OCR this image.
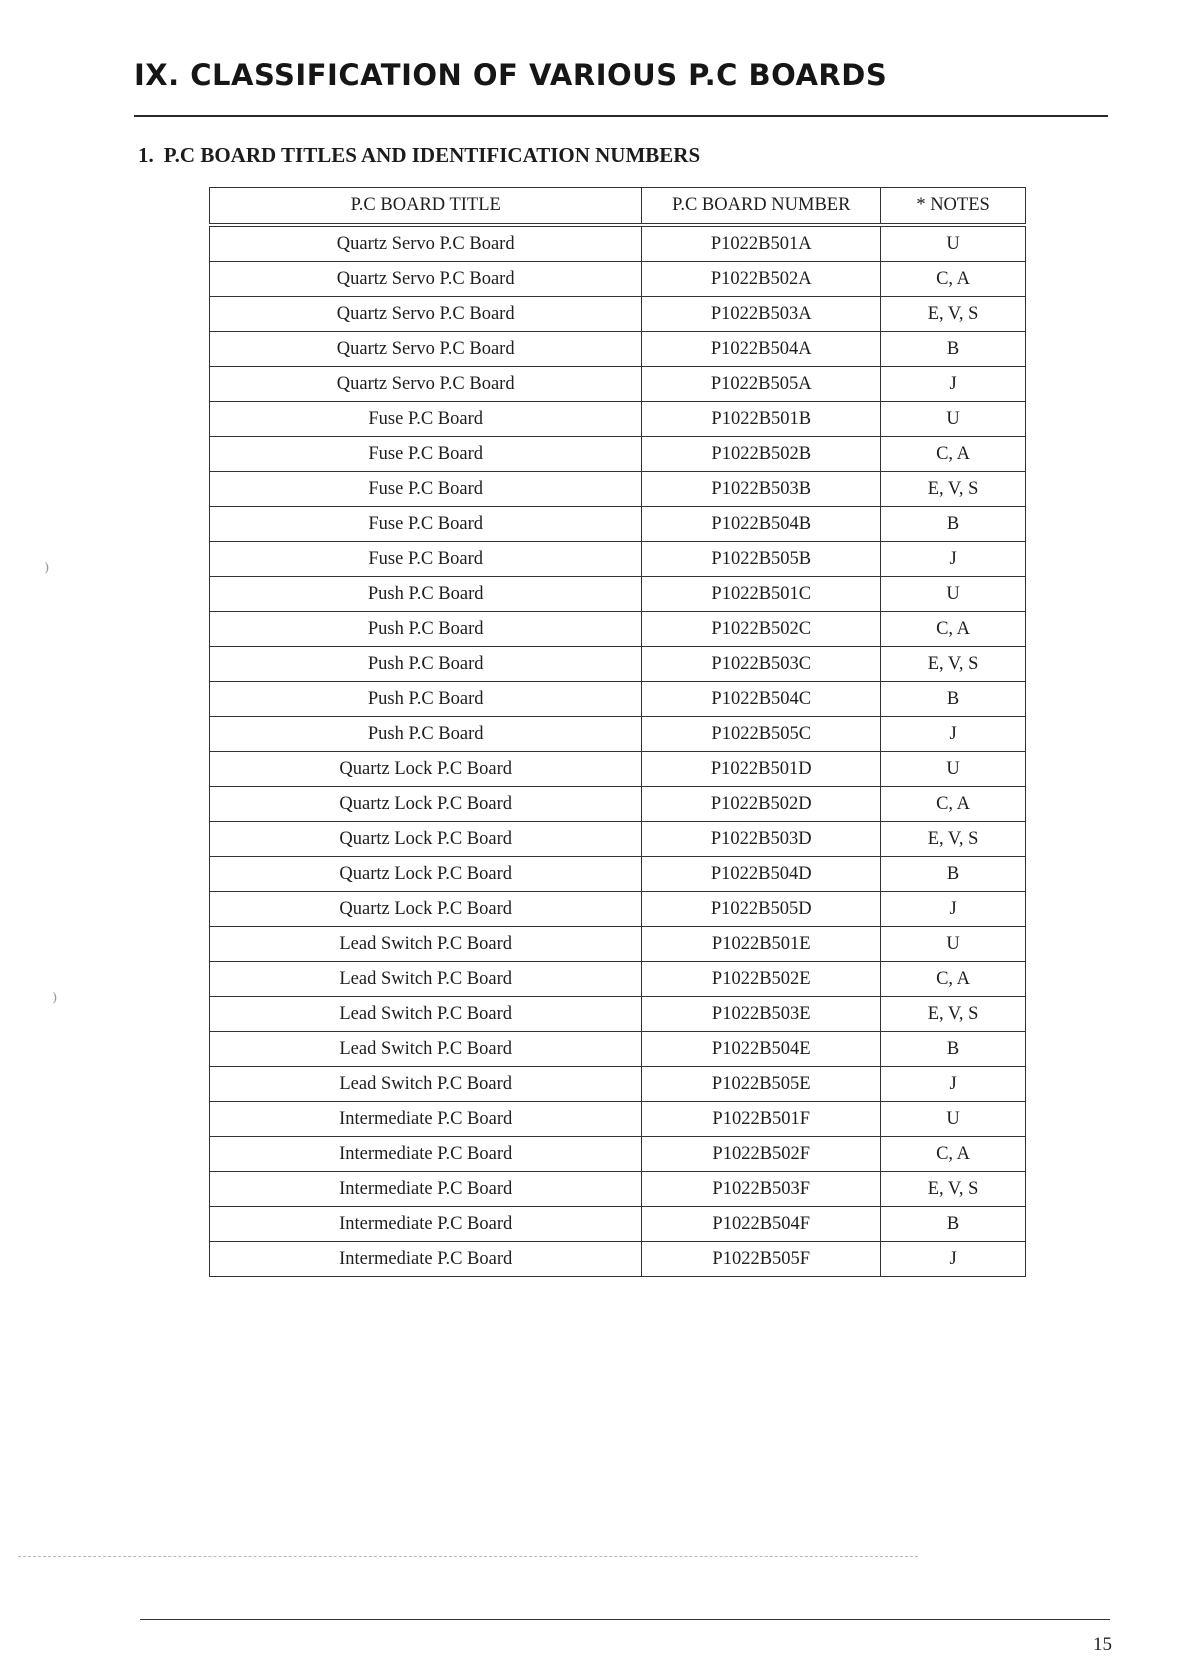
IX. CLASSIFICATION OF VARIOUS P.C BOARDS
1. P.C BOARD TITLES AND IDENTIFICATION NUMBERS
P.C BOARD TITLE	P.C BOARD NUMBER	* NOTES
Quartz Servo P.C Board	P1022B501A	U
Quartz Servo P.C Board	P1022B502A	C, A
Quartz Servo P.C Board	P1022B503A	E, V, S
Quartz Servo P.C Board	P1022B504A	B
Quartz Servo P.C Board	P1022B505A	J
Fuse P.C Board	P1022B501B	U
Fuse P.C Board	P1022B502B	C, A
Fuse P.C Board	P1022B503B	E, V, S
Fuse P.C Board	P1022B504B	B
Fuse P.C Board	P1022B505B	J
Push P.C Board	P1022B501C	U
Push P.C Board	P1022B502C	C, A
Push P.C Board	P1022B503C	E, V, S
Push P.C Board	P1022B504C	B
Push P.C Board	P1022B505C	J
Quartz Lock P.C Board	P1022B501D	U
Quartz Lock P.C Board	P1022B502D	C, A
Quartz Lock P.C Board	P1022B503D	E, V, S
Quartz Lock P.C Board	P1022B504D	B
Quartz Lock P.C Board	P1022B505D	J
Lead Switch P.C Board	P1022B501E	U
Lead Switch P.C Board	P1022B502E	C, A
Lead Switch P.C Board	P1022B503E	E, V, S
Lead Switch P.C Board	P1022B504E	B
Lead Switch P.C Board	P1022B505E	J
Intermediate P.C Board	P1022B501F	U
Intermediate P.C Board	P1022B502F	C, A
Intermediate P.C Board	P1022B503F	E, V, S
Intermediate P.C Board	P1022B504F	B
Intermediate P.C Board	P1022B505F	J
15
⁾
⁾
